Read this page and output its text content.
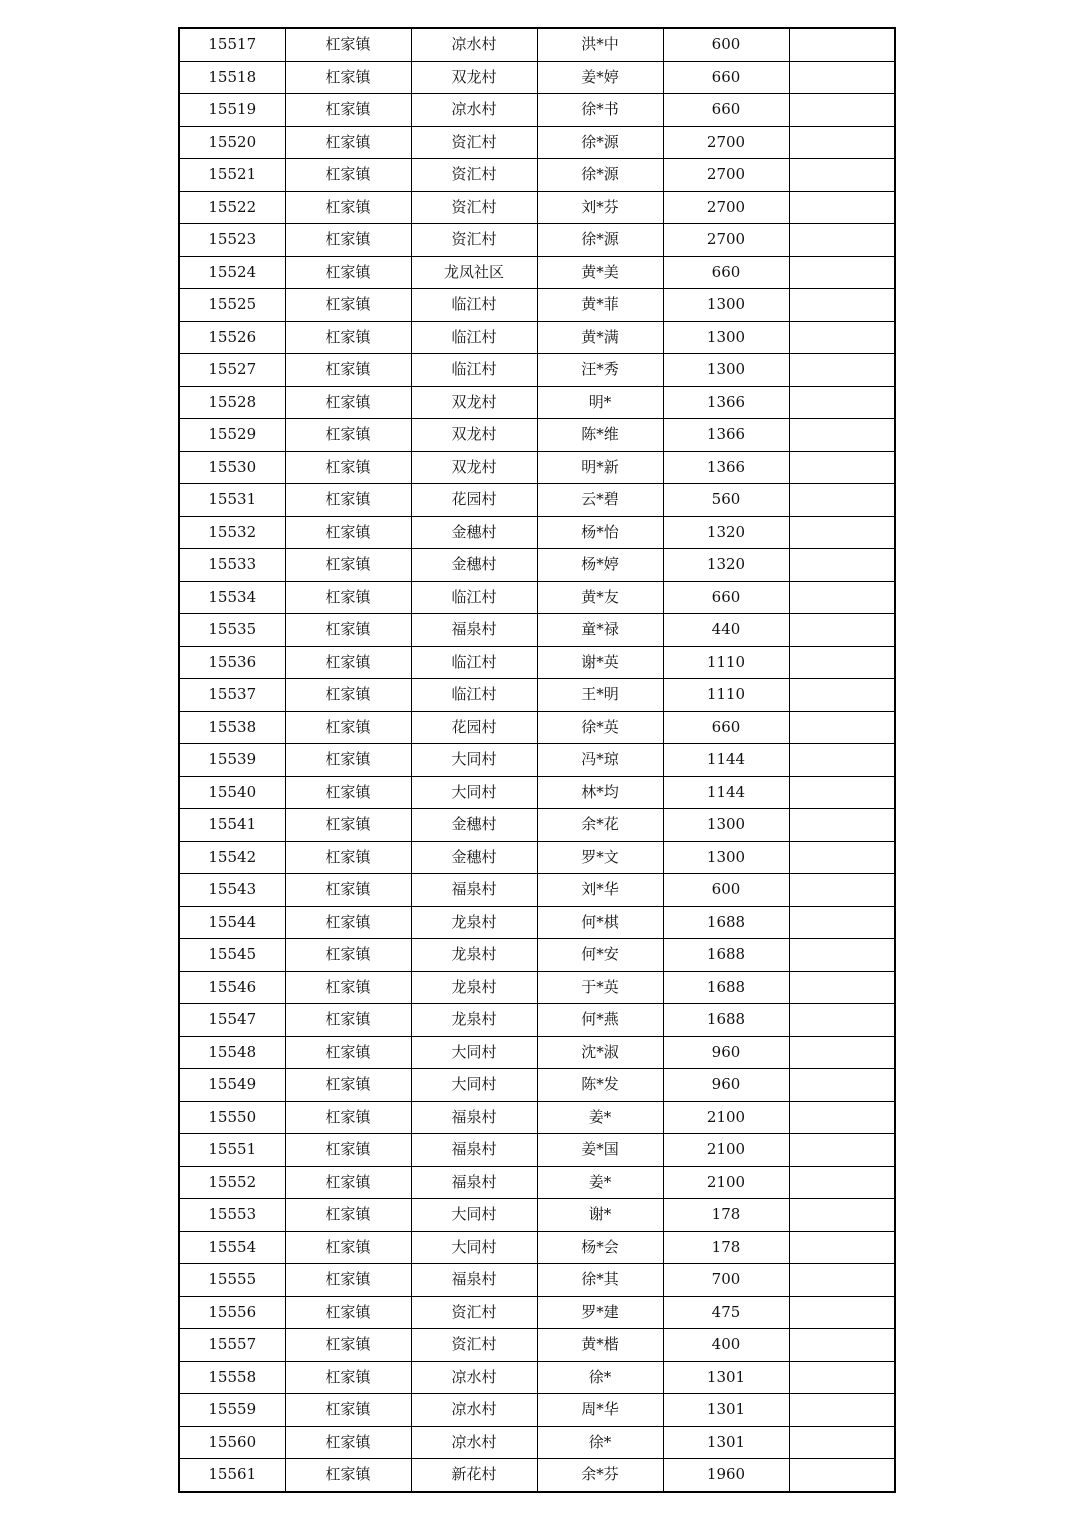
15517	杠家镇	凉水村	洪*中	600	
15518	杠家镇	双龙村	姜*婷	660	
15519	杠家镇	凉水村	徐*书	660	
15520	杠家镇	资汇村	徐*源	2700	
15521	杠家镇	资汇村	徐*源	2700	
15522	杠家镇	资汇村	刘*芬	2700	
15523	杠家镇	资汇村	徐*源	2700	
15524	杠家镇	龙凤社区	黄*美	660	
15525	杠家镇	临江村	黄*菲	1300	
15526	杠家镇	临江村	黄*满	1300	
15527	杠家镇	临江村	汪*秀	1300	
15528	杠家镇	双龙村	明*	1366	
15529	杠家镇	双龙村	陈*维	1366	
15530	杠家镇	双龙村	明*新	1366	
15531	杠家镇	花园村	云*碧	560	
15532	杠家镇	金穗村	杨*怡	1320	
15533	杠家镇	金穗村	杨*婷	1320	
15534	杠家镇	临江村	黄*友	660	
15535	杠家镇	福泉村	童*禄	440	
15536	杠家镇	临江村	谢*英	1110	
15537	杠家镇	临江村	王*明	1110	
15538	杠家镇	花园村	徐*英	660	
15539	杠家镇	大同村	冯*琼	1144	
15540	杠家镇	大同村	林*均	1144	
15541	杠家镇	金穗村	余*花	1300	
15542	杠家镇	金穗村	罗*文	1300	
15543	杠家镇	福泉村	刘*华	600	
15544	杠家镇	龙泉村	何*棋	1688	
15545	杠家镇	龙泉村	何*安	1688	
15546	杠家镇	龙泉村	于*英	1688	
15547	杠家镇	龙泉村	何*燕	1688	
15548	杠家镇	大同村	沈*淑	960	
15549	杠家镇	大同村	陈*发	960	
15550	杠家镇	福泉村	姜*	2100	
15551	杠家镇	福泉村	姜*国	2100	
15552	杠家镇	福泉村	姜*	2100	
15553	杠家镇	大同村	谢*	178	
15554	杠家镇	大同村	杨*会	178	
15555	杠家镇	福泉村	徐*其	700	
15556	杠家镇	资汇村	罗*建	475	
15557	杠家镇	资汇村	黄*楷	400	
15558	杠家镇	凉水村	徐*	1301	
15559	杠家镇	凉水村	周*华	1301	
15560	杠家镇	凉水村	徐*	1301	
15561	杠家镇	新花村	余*芬	1960	
